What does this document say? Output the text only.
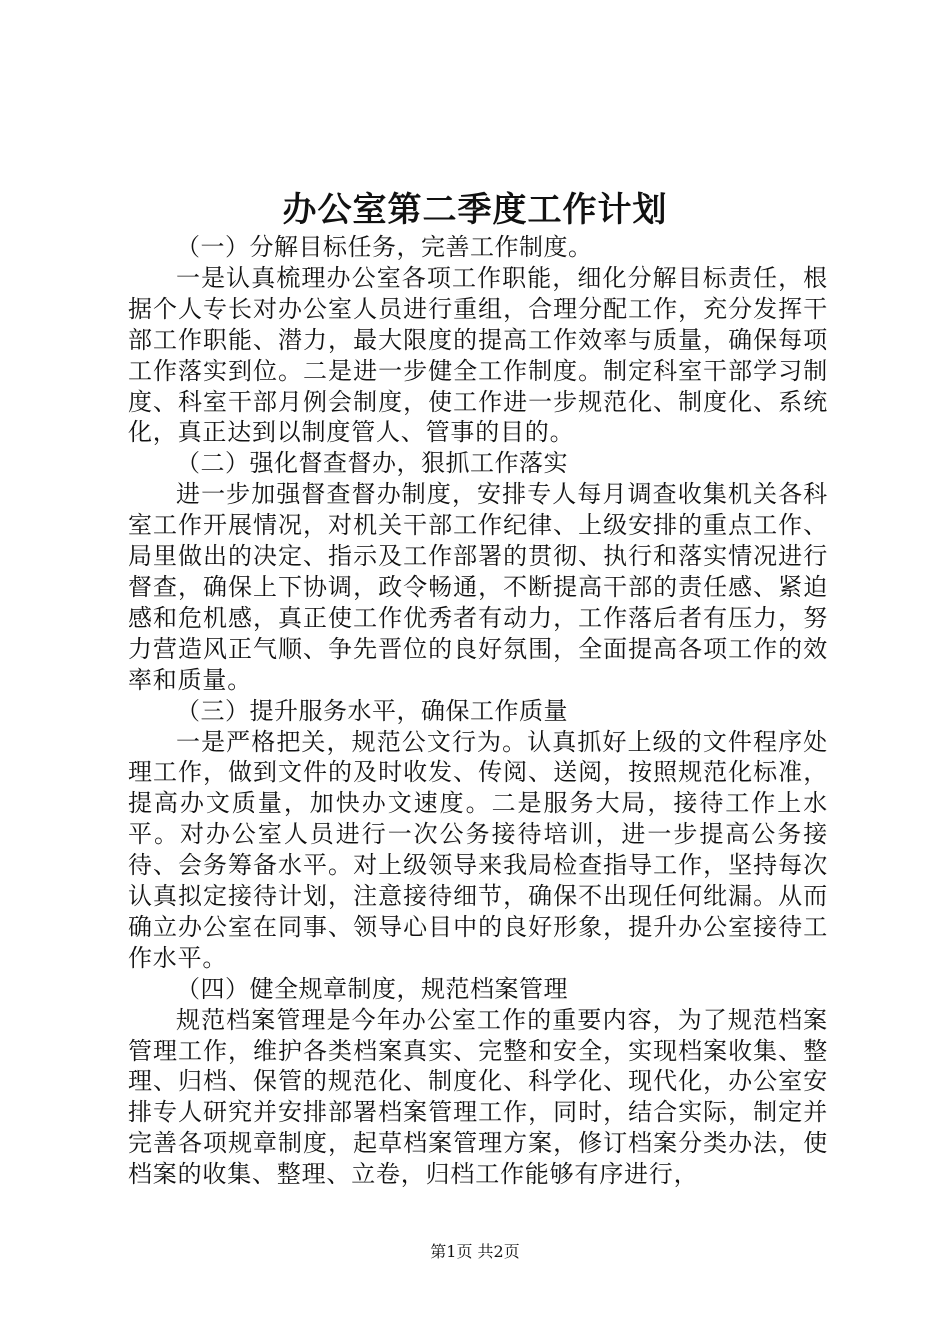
办公室第二季度工作计划

（一）分解目标任务，完善工作制度。

一是认真梳理办公室各项工作职能，细化分解目标责任，根据个人专长对办公室人员进行重组，合理分配工作，充分发挥干部工作职能、潜力，最大限度的提高工作效率与质量，确保每项工作落实到位。二是进一步健全工作制度。制定科室干部学习制度、科室干部月例会制度，使工作进一步规范化、制度化、系统化，真正达到以制度管人、管事的目的。

（二）强化督查督办，狠抓工作落实

进一步加强督查督办制度，安排专人每月调查收集机关各科室工作开展情况，对机关干部工作纪律、上级安排的重点工作、局里做出的决定、指示及工作部署的贯彻、执行和落实情况进行督查，确保上下协调，政令畅通，不断提高干部的责任感、紧迫感和危机感，真正使工作优秀者有动力，工作落后者有压力，努力营造风正气顺、争先晋位的良好氛围，全面提高各项工作的效率和质量。

（三）提升服务水平，确保工作质量

一是严格把关，规范公文行为。认真抓好上级的文件程序处理工作，做到文件的及时收发、传阅、送阅，按照规范化标准，提高办文质量，加快办文速度。二是服务大局，接待工作上水平。对办公室人员进行一次公务接待培训，进一步提高公务接待、会务筹备水平。对上级领导来我局检查指导工作，坚持每次认真拟定接待计划，注意接待细节，确保不出现任何纰漏。从而确立办公室在同事、领导心目中的良好形象，提升办公室接待工作水平。

（四）健全规章制度，规范档案管理

规范档案管理是今年办公室工作的重要内容，为了规范档案管理工作，维护各类档案真实、完整和安全，实现档案收集、整理、归档、保管的规范化、制度化、科学化、现代化，办公室安排专人研究并安排部署档案管理工作，同时，结合实际，制定并完善各项规章制度，起草档案管理方案，修订档案分类办法，使档案的收集、整理、立卷，归档工作能够有序进行，

第1页 共2页
